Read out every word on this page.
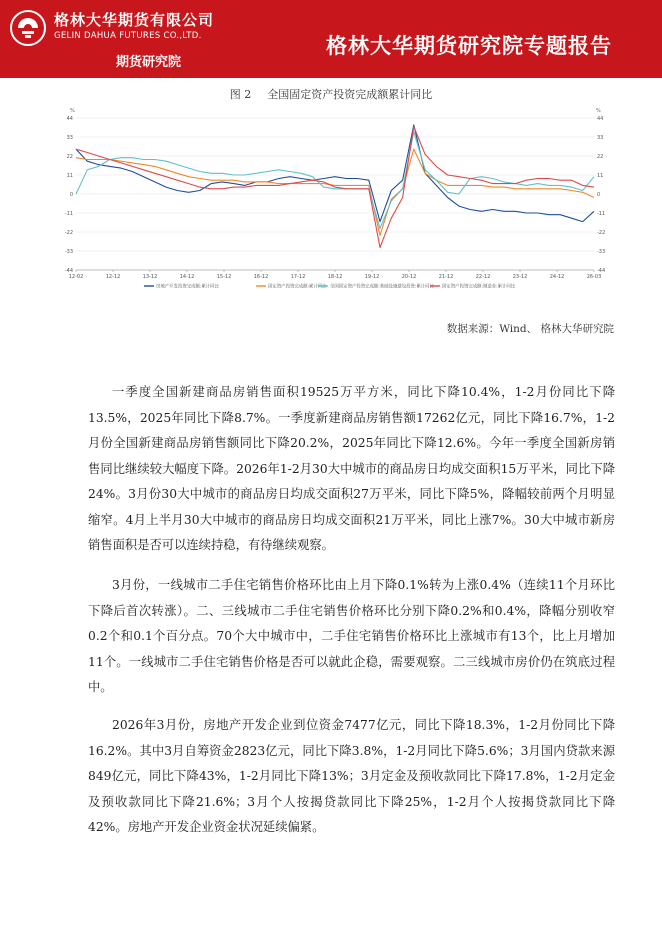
格林大华期货有限公司
GELIN DAHUA FUTURES CO.,LTD.
期货研究院
格林大华期货研究院专题报告
图 2 全国固定资产投资完成额累计同比
%	%
44	44
33	33
22	22
11	11
0	0
-11	-11
-22	-22
-33	-33
-44	-44
12-02	12-12	13-12	14-12	15-12	16-12	17-12	18-12	19-12	20-12	21-12	22-12	23-12	24-12	26-03
房地产开发投资完成额:累计同比	固定资产投资完成额:累计同比 全国固定资产投资完成额:基础设施建设投资:累计同比 固定资产投资完成额:制造业:累计同比
数据来源：Wind、 格林大华研究院

一季度全国新建商品房销售面积19525万平方米，同比下降10.4%，1-2月份同比下降13.5%，2025年同比下降8.7%。一季度新建商品房销售额17262亿元，同比下降16.7%，1-2月份全国新建商品房销售额同比下降20.2%，2025年同比下降12.6%。今年一季度全国新房销售同比继续较大幅度下降。2026年1-2月30大中城市的商品房日均成交面积15万平米，同比下降24%。3月份30大中城市的商品房日均成交面积27万平米，同比下降5%，降幅较前两个月明显缩窄。4月上半月30大中城市的商品房日均成交面积21万平米，同比上涨7%。30大中城市新房销售面积是否可以连续持稳，有待继续观察。

3月份，一线城市二手住宅销售价格环比由上月下降0.1%转为上涨0.4%（连续11个月环比下降后首次转涨）。二、三线城市二手住宅销售价格环比分别下降0.2%和0.4%，降幅分别收窄0.2个和0.1个百分点。70个大中城市中，二手住宅销售价格环比上涨城市有13个，比上月增加11个。一线城市二手住宅销售价格是否可以就此企稳，需要观察。二三线城市房价仍在筑底过程中。

2026年3月份，房地产开发企业到位资金7477亿元，同比下降18.3%，1-2月份同比下降16.2%。其中3月自筹资金2823亿元，同比下降3.8%，1-2月同比下降5.6%；3月国内贷款来源849亿元，同比下降43%，1-2月同比下降13%；3月定金及预收款同比下降17.8%，1-2月定金及预收款同比下降21.6%；3月个人按揭贷款同比下降25%，1-2月个人按揭贷款同比下降42%。房地产开发企业资金状况延续偏紧。
